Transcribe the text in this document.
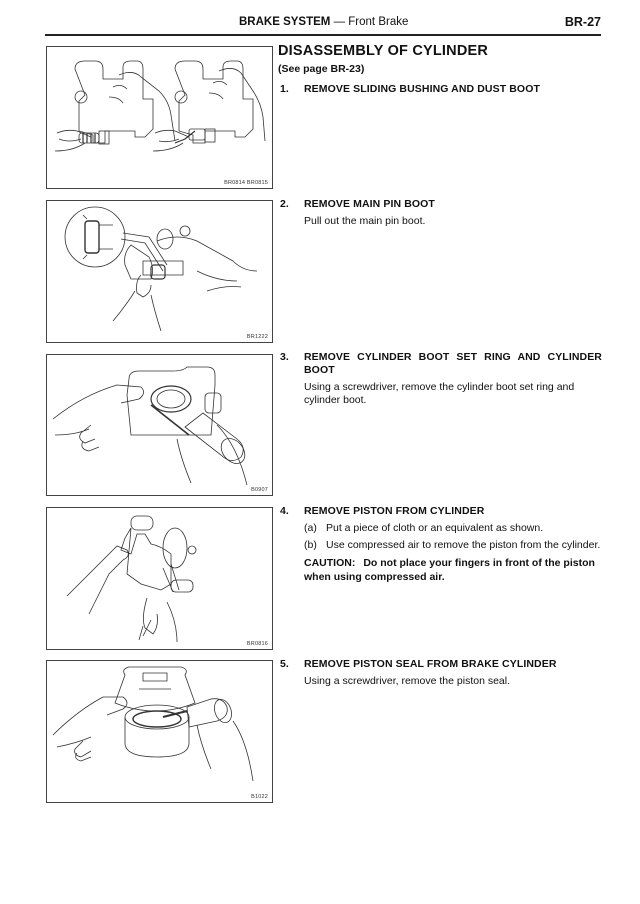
BRAKE SYSTEM — Front Brake	BR-27
BR0814 BR0815
BR1222
B0907
BR0816
B1022
DISASSEMBLY OF CYLINDER
(See page BR-23)
1. REMOVE SLIDING BUSHING AND DUST BOOT
2. REMOVE MAIN PIN BOOT
Pull out the main pin boot.
3. REMOVE CYLINDER BOOT SET RING AND CYLINDER BOOT
Using a screwdriver, remove the cylinder boot set ring and cylinder boot.
4. REMOVE PISTON FROM CYLINDER
(a) Put a piece of cloth or an equivalent as shown.
(b) Use compressed air to remove the piston from the cylinder.
CAUTION: Do not place your fingers in front of the piston when using compressed air.
5. REMOVE PISTON SEAL FROM BRAKE CYLINDER
Using a screwdriver, remove the piston seal.
